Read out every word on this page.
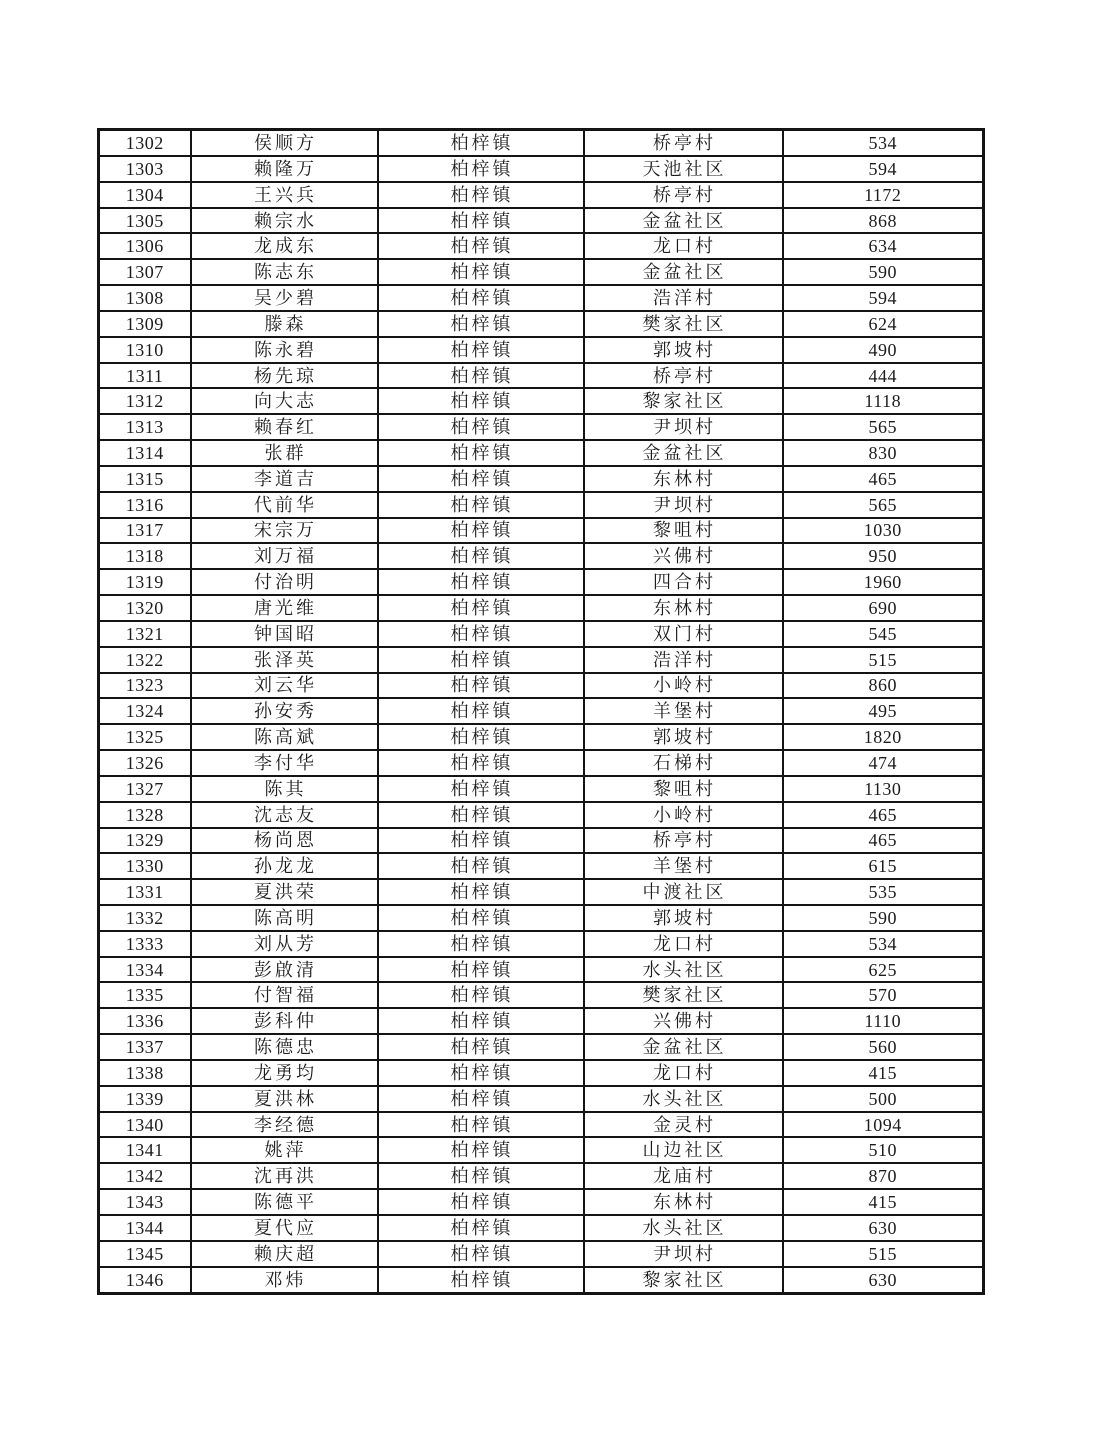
1302	侯顺方	柏梓镇	桥亭村	534
1303	赖隆万	柏梓镇	天池社区	594
1304	王兴兵	柏梓镇	桥亭村	1172
1305	赖宗水	柏梓镇	金盆社区	868
1306	龙成东	柏梓镇	龙口村	634
1307	陈志东	柏梓镇	金盆社区	590
1308	吴少碧	柏梓镇	浩洋村	594
1309	滕森	柏梓镇	樊家社区	624
1310	陈永碧	柏梓镇	郭坡村	490
1311	杨先琼	柏梓镇	桥亭村	444
1312	向大志	柏梓镇	黎家社区	1118
1313	赖春红	柏梓镇	尹坝村	565
1314	张群	柏梓镇	金盆社区	830
1315	李道吉	柏梓镇	东林村	465
1316	代前华	柏梓镇	尹坝村	565
1317	宋宗万	柏梓镇	黎咀村	1030
1318	刘万福	柏梓镇	兴佛村	950
1319	付治明	柏梓镇	四合村	1960
1320	唐光维	柏梓镇	东林村	690
1321	钟国昭	柏梓镇	双门村	545
1322	张泽英	柏梓镇	浩洋村	515
1323	刘云华	柏梓镇	小岭村	860
1324	孙安秀	柏梓镇	羊堡村	495
1325	陈高斌	柏梓镇	郭坡村	1820
1326	李付华	柏梓镇	石梯村	474
1327	陈其	柏梓镇	黎咀村	1130
1328	沈志友	柏梓镇	小岭村	465
1329	杨尚恩	柏梓镇	桥亭村	465
1330	孙龙龙	柏梓镇	羊堡村	615
1331	夏洪荣	柏梓镇	中渡社区	535
1332	陈高明	柏梓镇	郭坡村	590
1333	刘从芳	柏梓镇	龙口村	534
1334	彭啟清	柏梓镇	水头社区	625
1335	付智福	柏梓镇	樊家社区	570
1336	彭科仲	柏梓镇	兴佛村	1110
1337	陈德忠	柏梓镇	金盆社区	560
1338	龙勇均	柏梓镇	龙口村	415
1339	夏洪林	柏梓镇	水头社区	500
1340	李经德	柏梓镇	金灵村	1094
1341	姚萍	柏梓镇	山边社区	510
1342	沈再洪	柏梓镇	龙庙村	870
1343	陈德平	柏梓镇	东林村	415
1344	夏代应	柏梓镇	水头社区	630
1345	赖庆超	柏梓镇	尹坝村	515
1346	邓炜	柏梓镇	黎家社区	630
